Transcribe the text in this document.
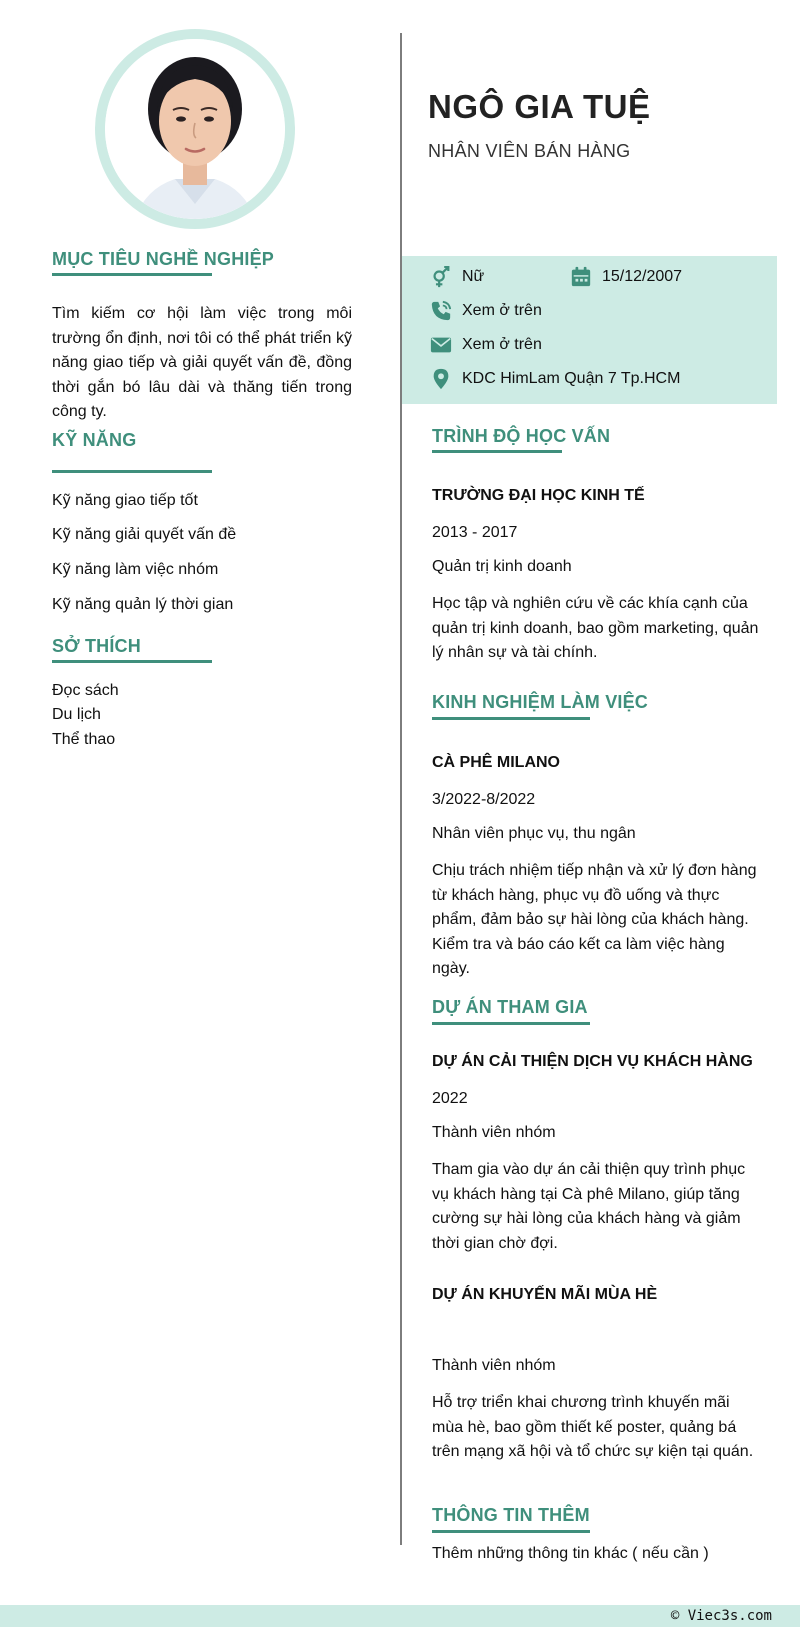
MỤC TIÊU NGHỀ NGHIỆP
Tìm kiếm cơ hội làm việc trong môi trường ổn định, nơi tôi có thể phát triển kỹ năng giao tiếp và giải quyết vấn đề, đồng thời gắn bó lâu dài và thăng tiến trong công ty.
KỸ NĂNG
Kỹ năng giao tiếp tốt
Kỹ năng giải quyết vấn đề
Kỹ năng làm việc nhóm
Kỹ năng quản lý thời gian
SỞ THÍCH
Đọc sách
Du lịch
Thể thao
NGÔ GIA TUỆ
NHÂN VIÊN BÁN HÀNG
Nữ	15/12/2007
Xem ở trên
Xem ở trên
KDC HimLam Quận 7 Tp.HCM
TRÌNH ĐỘ HỌC VẤN
TRƯỜNG ĐẠI HỌC KINH TẾ
2013 - 2017
Quản trị kinh doanh
Học tập và nghiên cứu về các khía cạnh của quản trị kinh doanh, bao gồm marketing, quản lý nhân sự và tài chính.
KINH NGHIỆM LÀM VIỆC
CÀ PHÊ MILANO
3/2022-8/2022
Nhân viên phục vụ, thu ngân
Chịu trách nhiệm tiếp nhận và xử lý đơn hàng từ khách hàng, phục vụ đồ uống và thực phẩm, đảm bảo sự hài lòng của khách hàng. Kiểm tra và báo cáo kết ca làm việc hàng ngày.
DỰ ÁN THAM GIA
DỰ ÁN CẢI THIỆN DỊCH VỤ KHÁCH HÀNG
2022
Thành viên nhóm
Tham gia vào dự án cải thiện quy trình phục vụ khách hàng tại Cà phê Milano, giúp tăng cường sự hài lòng của khách hàng và giảm thời gian chờ đợi.
DỰ ÁN KHUYẾN MÃI MÙA HÈ
Thành viên nhóm
Hỗ trợ triển khai chương trình khuyến mãi mùa hè, bao gồm thiết kế poster, quảng bá trên mạng xã hội và tổ chức sự kiện tại quán.
THÔNG TIN THÊM
Thêm những thông tin khác ( nếu cần )
© Viec3s.com
